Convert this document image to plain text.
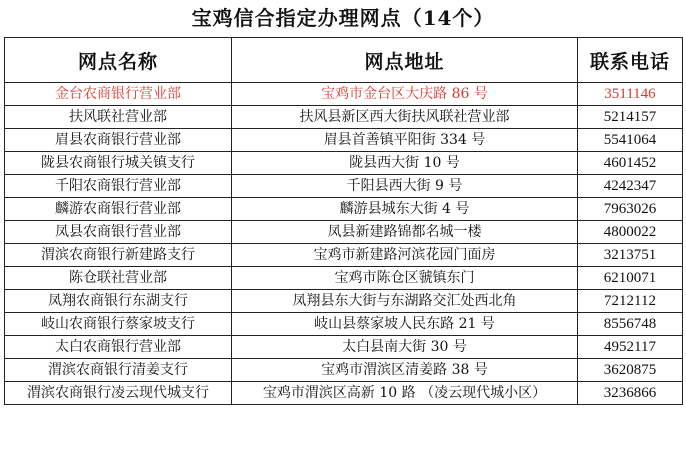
宝鸡信合指定办理网点（14个）
网点名称	网点地址	联系电话
金台农商银行营业部	宝鸡市金台区大庆路 86 号	3511146
扶风联社营业部	扶风县新区西大街扶风联社营业部	5214157
眉县农商银行营业部	眉县首善镇平阳街 334 号	5541064
陇县农商银行城关镇支行	陇县西大街 10 号	4601452
千阳农商银行营业部	千阳县西大街 9 号	4242347
麟游农商银行营业部	麟游县城东大街 4 号	7963026
凤县农商银行营业部	凤县新建路锦都名城一楼	4800022
渭滨农商银行新建路支行	宝鸡市新建路河滨花园门面房	3213751
陈仓联社营业部	宝鸡市陈仓区虢镇东门	6210071
凤翔农商银行东湖支行	凤翔县东大街与东湖路交汇处西北角	7212112
岐山农商银行蔡家坡支行	岐山县蔡家坡人民东路 21 号	8556748
太白农商银行营业部	太白县南大街 30 号	4952117
渭滨农商银行清姜支行	宝鸡市渭滨区清姜路 38 号	3620875
渭滨农商银行凌云现代城支行	宝鸡市渭滨区高新 10 路 （凌云现代城小区）	3236866
